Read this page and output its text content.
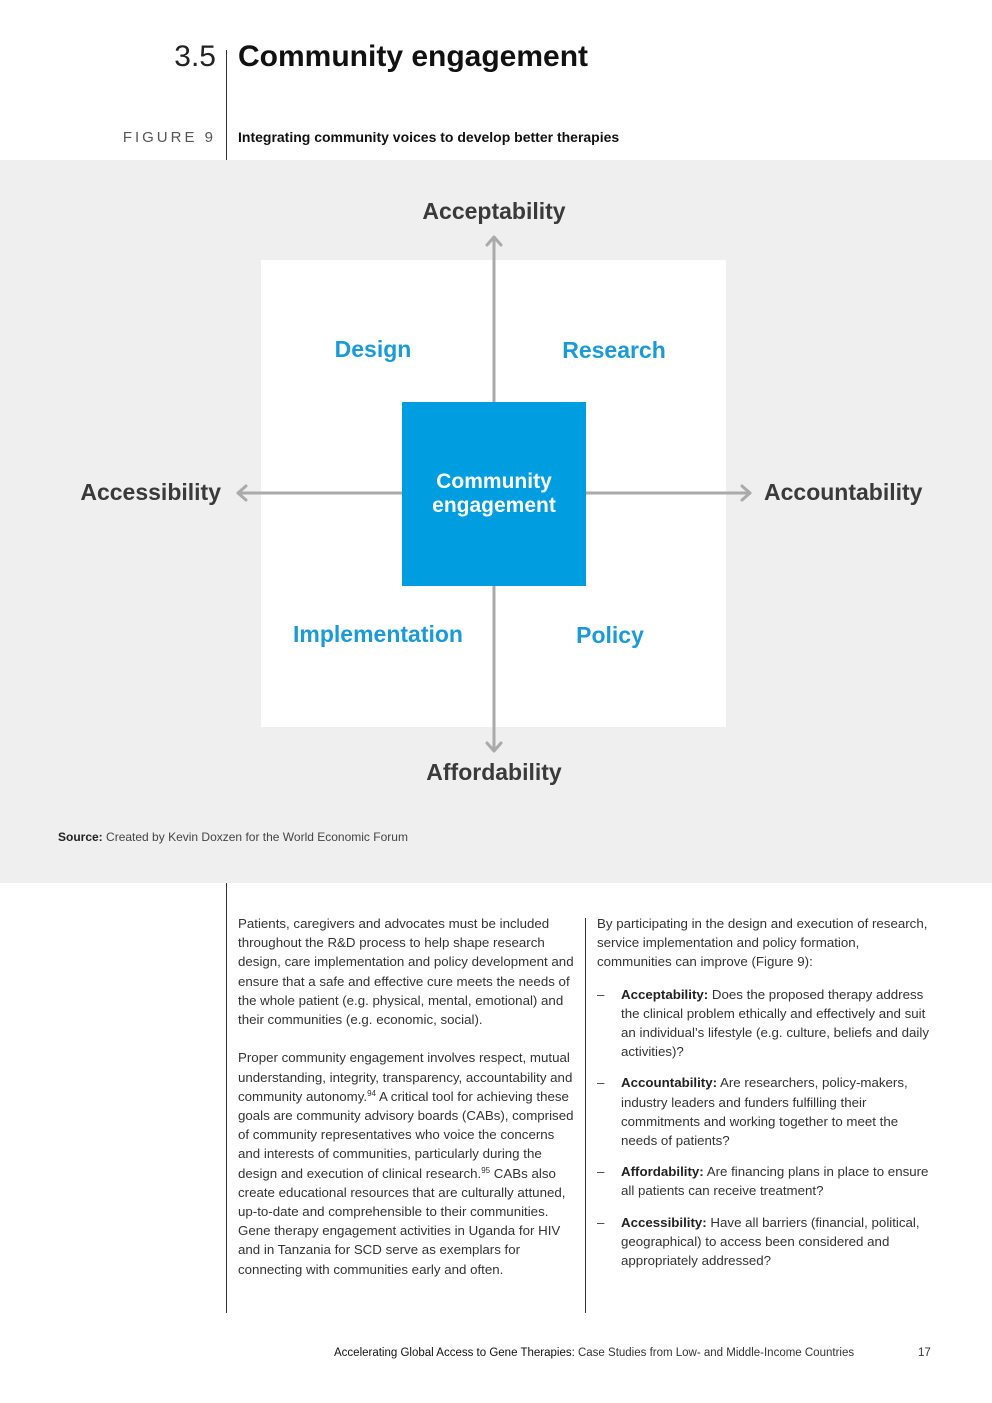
3.5 Community engagement
FIGURE 9 Integrating community voices to develop better therapies
Community engagement
Acceptability
Affordability
Accessibility	Accountability
Design	Research
Implementation	Policy
Source: Created by Kevin Doxzen for the World Economic Forum

Patients, caregivers and advocates must be included throughout the R&D process to help shape research design, care implementation and policy development and ensure that a safe and effective cure meets the needs of the whole patient (e.g. physical, mental, emotional) and their communities (e.g. economic, social).

Proper community engagement involves respect, mutual understanding, integrity, transparency, accountability and community autonomy.$^{94}$ A critical tool for achieving these goals are community advisory boards (CABs), comprised of community representatives who voice the concerns and interests of communities, particularly during the design and execution of clinical research.$^{95}$ CABs also create educational resources that are culturally attuned, up-to-date and comprehensible to their communities. Gene therapy engagement activities in Uganda for HIV and in Tanzania for SCD serve as exemplars for connecting with communities early and often.

By participating in the design and execution of research, service implementation and policy formation, communities can improve (Figure 9):

– Acceptability: Does the proposed therapy address the clinical problem ethically and effectively and suit an individual’s lifestyle (e.g. culture, beliefs and daily activities)?
– Accountability: Are researchers, policy-makers, industry leaders and funders fulfilling their commitments and working together to meet the needs of patients?
– Affordability: Are financing plans in place to ensure all patients can receive treatment?
– Accessibility: Have all barriers (financial, political, geographical) to access been considered and appropriately addressed?
Accelerating Global Access to Gene Therapies: Case Studies from Low- and Middle-Income Countries	17
